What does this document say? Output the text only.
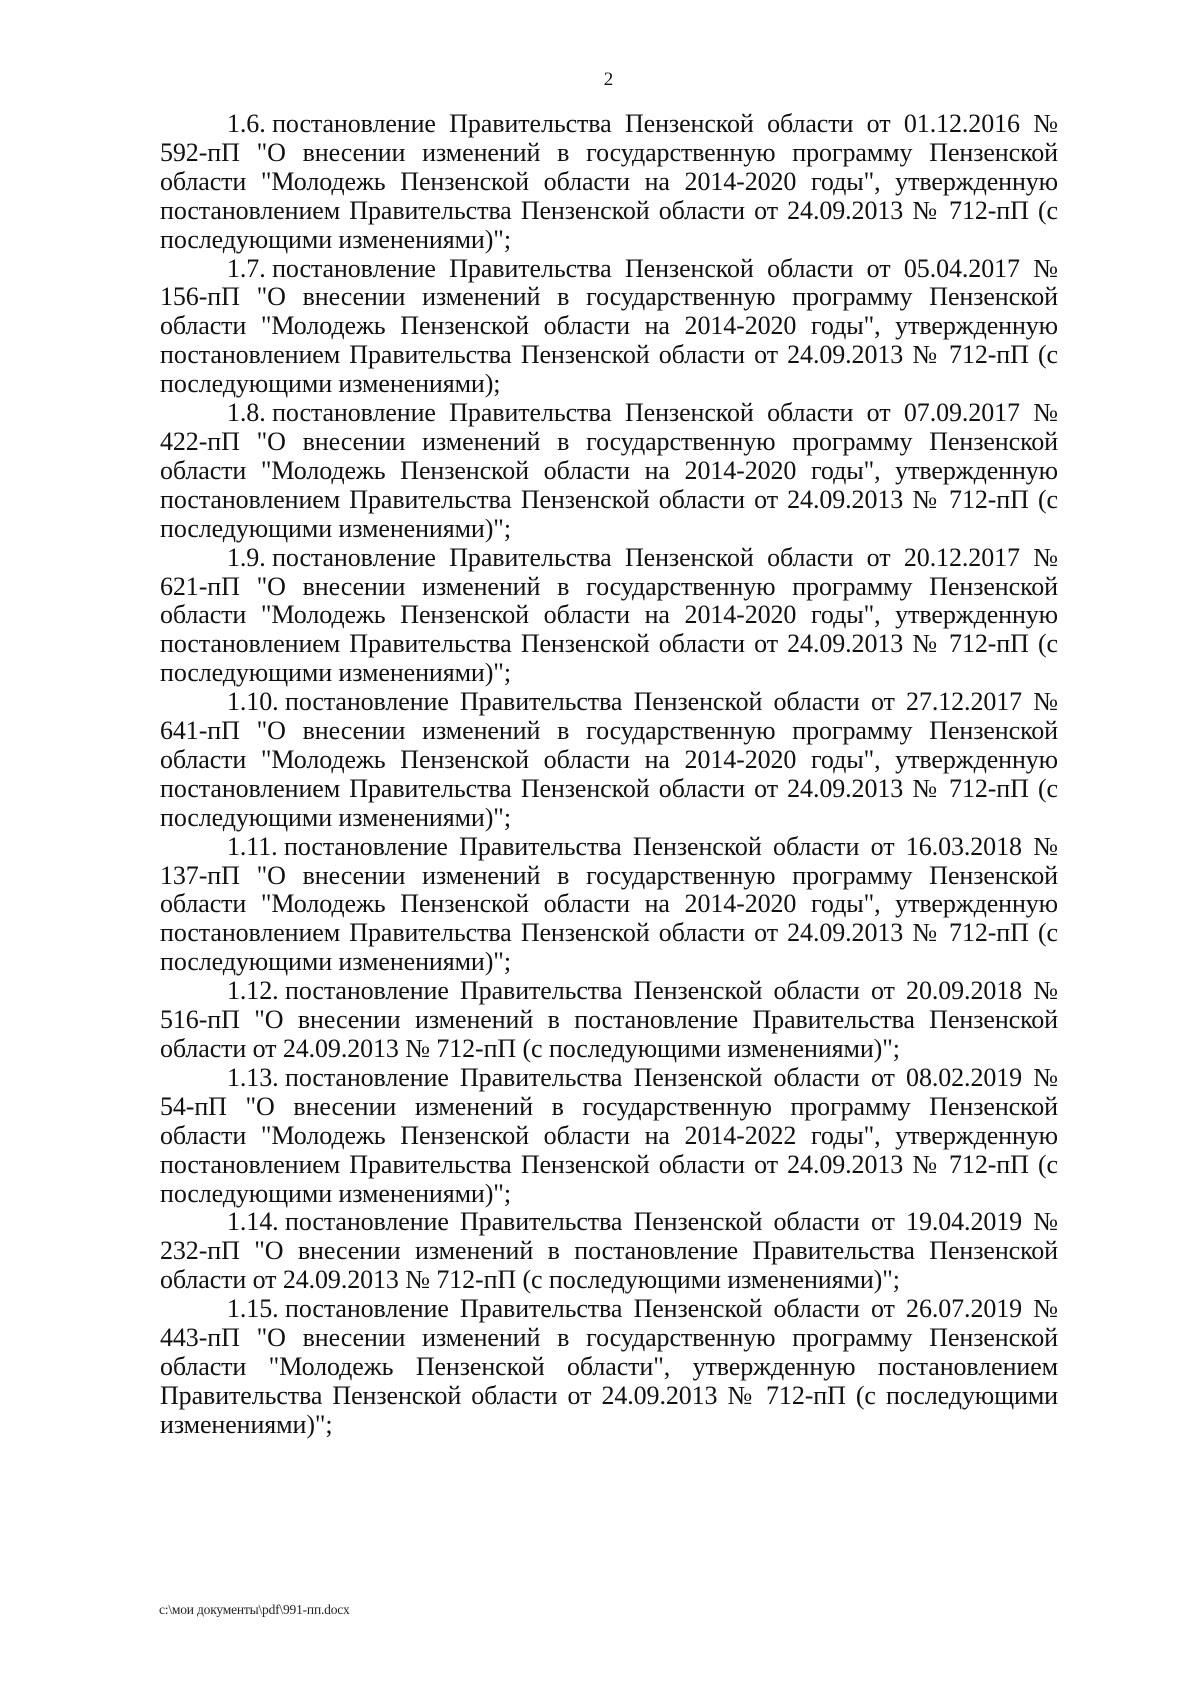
2

1.6. постановление Правительства Пензенской области от 01.12.2016 № 592-пП "О внесении изменений в государственную программу Пензенской области "Молодежь Пензенской области на 2014-2020 годы", утвержденную постановлением Правительства Пензенской области от 24.09.2013 № 712-пП (с последующими изменениями)";

1.7. постановление Правительства Пензенской области от 05.04.2017 № 156-пП "О внесении изменений в государственную программу Пензенской области "Молодежь Пензенской области на 2014-2020 годы", утвержденную постановлением Правительства Пензенской области от 24.09.2013 № 712-пП (с последующими изменениями);

1.8. постановление Правительства Пензенской области от 07.09.2017 № 422-пП "О внесении изменений в государственную программу Пензенской области "Молодежь Пензенской области на 2014-2020 годы", утвержденную постановлением Правительства Пензенской области от 24.09.2013 № 712-пП (с последующими изменениями)";

1.9. постановление Правительства Пензенской области от 20.12.2017 № 621-пП "О внесении изменений в государственную программу Пензенской области "Молодежь Пензенской области на 2014-2020 годы", утвержденную постановлением Правительства Пензенской области от 24.09.2013 № 712-пП (с последующими изменениями)";

1.10. постановление Правительства Пензенской области от 27.12.2017 № 641-пП "О внесении изменений в государственную программу Пензенской области "Молодежь Пензенской области на 2014-2020 годы", утвержденную постановлением Правительства Пензенской области от 24.09.2013 № 712-пП (с последующими изменениями)";

1.11. постановление Правительства Пензенской области от 16.03.2018 № 137-пП "О внесении изменений в государственную программу Пензенской области "Молодежь Пензенской области на 2014-2020 годы", утвержденную постановлением Правительства Пензенской области от 24.09.2013 № 712-пП (с последующими изменениями)";

1.12. постановление Правительства Пензенской области от 20.09.2018 № 516-пП "О внесении изменений в постановление Правительства Пензенской области от 24.09.2013 № 712-пП (с последующими изменениями)";

1.13. постановление Правительства Пензенской области от 08.02.2019 № 54-пП "О внесении изменений в государственную программу Пензенской области "Молодежь Пензенской области на 2014-2022 годы", утвержденную постановлением Правительства Пензенской области от 24.09.2013 № 712-пП (с последующими изменениями)";

1.14. постановление Правительства Пензенской области от 19.04.2019 № 232-пП "О внесении изменений в постановление Правительства Пензенской области от 24.09.2013 № 712-пП (с последующими изменениями)";

1.15. постановление Правительства Пензенской области от 26.07.2019 № 443-пП "О внесении изменений в государственную программу Пензенской области "Молодежь Пензенской области", утвержденную постановлением Правительства Пензенской области от 24.09.2013 № 712-пП (с последующими изменениями)";

c:\мои документы\pdf\991-пп.docx
